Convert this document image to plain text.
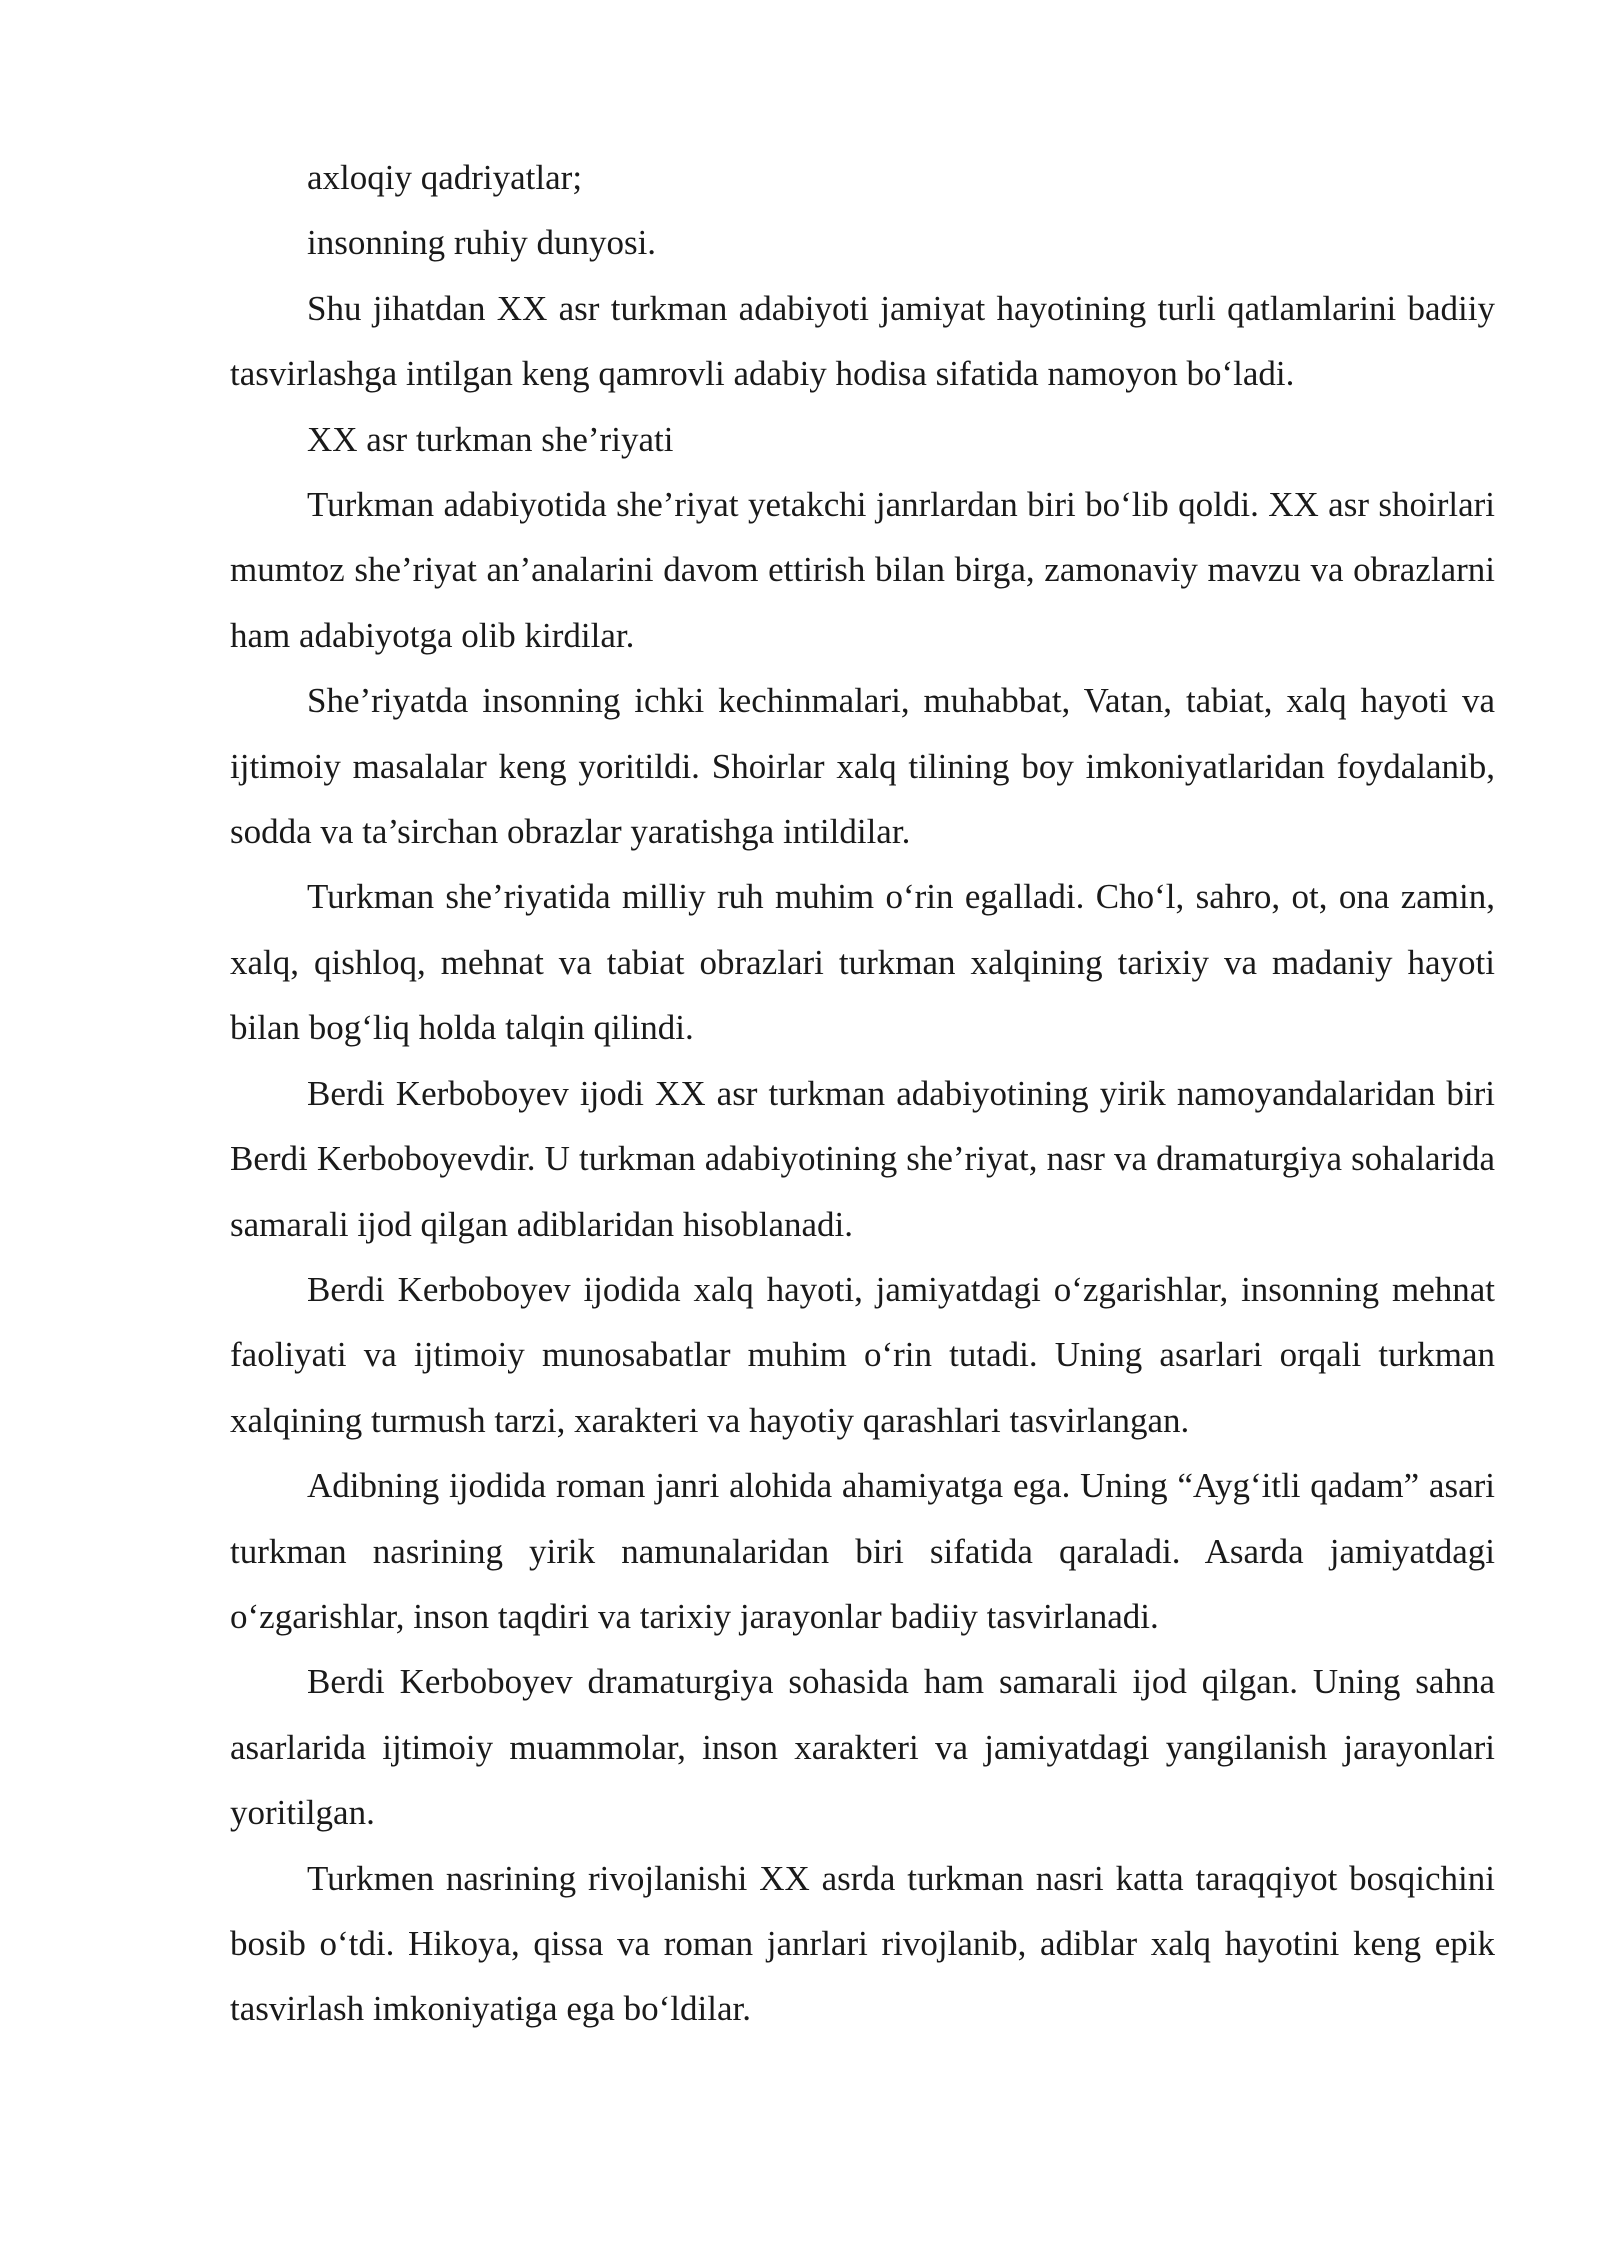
axloqiy qadriyatlar;

insonning ruhiy dunyosi.

Shu jihatdan XX asr turkman adabiyoti jamiyat hayotining turli qatlamlarini badiiy tasvirlashga intilgan keng qamrovli adabiy hodisa sifatida namoyon bo‘ladi.

XX asr turkman she’riyati

Turkman adabiyotida she’riyat yetakchi janrlardan biri bo‘lib qoldi. XX asr shoirlari mumtoz she’riyat an’analarini davom ettirish bilan birga, zamonaviy mavzu va obrazlarni ham adabiyotga olib kirdilar.

She’riyatda insonning ichki kechinmalari, muhabbat, Vatan, tabiat, xalq hayoti va ijtimoiy masalalar keng yoritildi. Shoirlar xalq tilining boy imkoniyatlaridan foydalanib, sodda va ta’sirchan obrazlar yaratishga intildilar.

Turkman she’riyatida milliy ruh muhim o‘rin egalladi. Cho‘l, sahro, ot, ona zamin, xalq, qishloq, mehnat va tabiat obrazlari turkman xalqining tarixiy va madaniy hayoti bilan bog‘liq holda talqin qilindi.

Berdi Kerboboyev ijodi XX asr turkman adabiyotining yirik namoyandalaridan biri Berdi Kerboboyevdir. U turkman adabiyotining she’riyat, nasr va dramaturgiya sohalarida samarali ijod qilgan adiblaridan hisoblanadi.

Berdi Kerboboyev ijodida xalq hayoti, jamiyatdagi o‘zgarishlar, insonning mehnat faoliyati va ijtimoiy munosabatlar muhim o‘rin tutadi. Uning asarlari orqali turkman xalqining turmush tarzi, xarakteri va hayotiy qarashlari tasvirlangan.

Adibning ijodida roman janri alohida ahamiyatga ega. Uning “Ayg‘itli qadam” asari turkman nasrining yirik namunalaridan biri sifatida qaraladi. Asarda jamiyatdagi o‘zgarishlar, inson taqdiri va tarixiy jarayonlar badiiy tasvirlanadi.

Berdi Kerboboyev dramaturgiya sohasida ham samarali ijod qilgan. Uning sahna asarlarida ijtimoiy muammolar, inson xarakteri va jamiyatdagi yangilanish jarayonlari yoritilgan.

Turkmen nasrining rivojlanishi XX asrda turkman nasri katta taraqqiyot bosqichini bosib o‘tdi. Hikoya, qissa va roman janrlari rivojlanib, adiblar xalq hayotini keng epik tasvirlash imkoniyatiga ega bo‘ldilar.
